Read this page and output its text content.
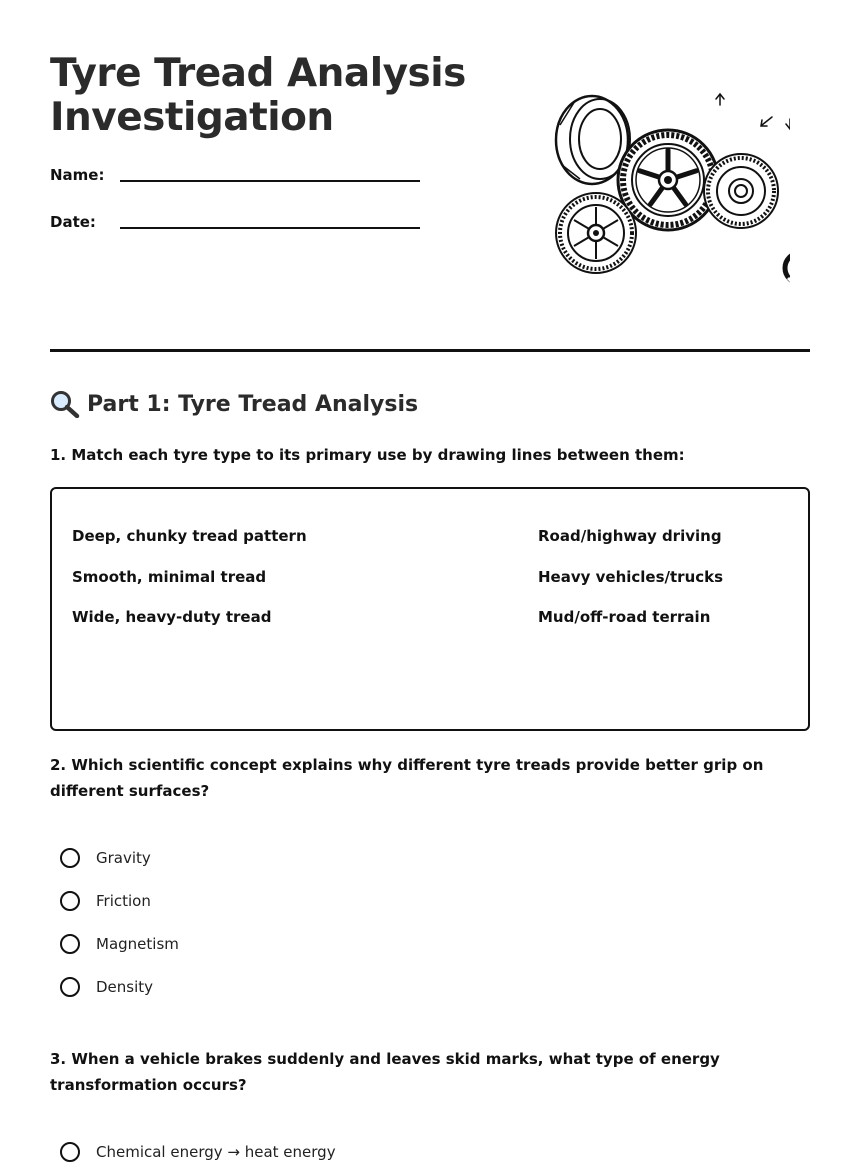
Tyre Tread Analysis
Investigation
Name:
Date:
Part 1: Tyre Tread Analysis
1. Match each tyre type to its primary use by drawing lines between them:
Deep, chunky tread pattern
Smooth, minimal tread
Wide, heavy-duty tread
Road/highway driving
Heavy vehicles/trucks
Mud/off-road terrain
2. Which scientific concept explains why different tyre treads provide better grip on different surfaces?
Gravity
Friction
Magnetism
Density
3. When a vehicle brakes suddenly and leaves skid marks, what type of energy transformation occurs?
Chemical energy → heat energy
